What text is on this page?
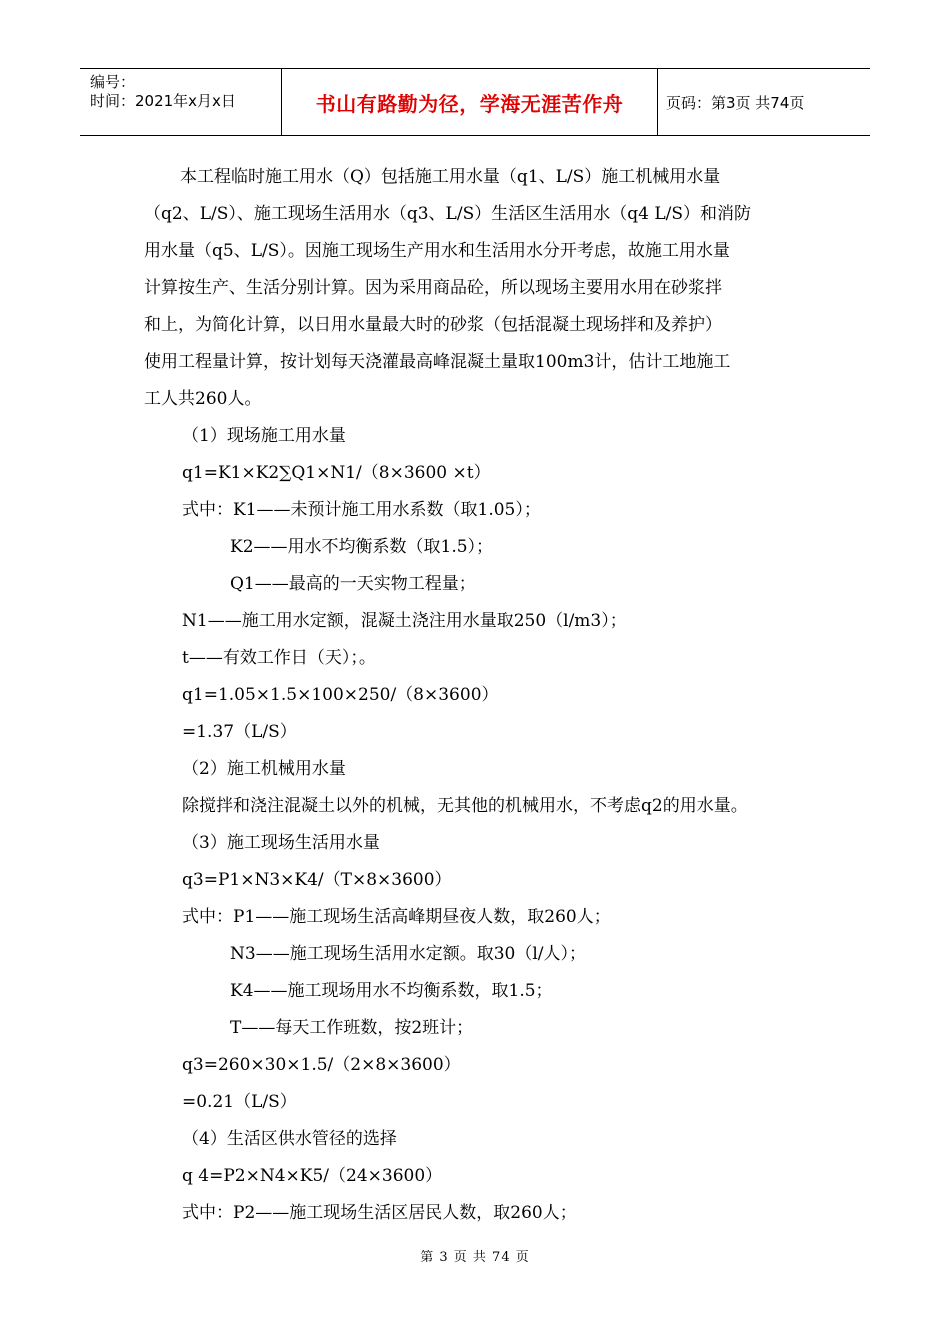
编号：
时间：2021年x月x日	书山有路勤为径，学海无涯苦作舟	页码：第3页 共74页
本工程临时施工用水（Q）包括施工用水量（q1、L/S）施工机械用水量
（q2、L/S）、施工现场生活用水（q3、L/S）生活区生活用水（q4 L/S）和消防
用水量（q5、L/S）。因施工现场生产用水和生活用水分开考虑，故施工用水量
计算按生产、生活分别计算。因为采用商品砼，所以现场主要用水用在砂浆拌
和上，为简化计算，以日用水量最大时的砂浆（包括混凝土现场拌和及养护）
使用工程量计算，按计划每天浇灌最高峰混凝土量取100m3计，估计工地施工
工人共260人。
（1）现场施工用水量
q1=K1×K2∑Q1×N1/（8×3600 ×t）
式中：K1——未预计施工用水系数（取1.05）；
K2——用水不均衡系数（取1.5）；
Q1——最高的一天实物工程量；
N1——施工用水定额，混凝土浇注用水量取250（l/m3）；
t——有效工作日（天）；。
q1=1.05×1.5×100×250/（8×3600）
=1.37（L/S）
（2）施工机械用水量
除搅拌和浇注混凝土以外的机械，无其他的机械用水，不考虑q2的用水量。
（3）施工现场生活用水量
q3=P1×N3×K4/（T×8×3600）
式中：P1——施工现场生活高峰期昼夜人数，取260人；
N3——施工现场生活用水定额。取30（l/人）；
K4——施工现场用水不均衡系数，取1.5；
T——每天工作班数，按2班计；
q3=260×30×1.5/（2×8×3600）
=0.21（L/S）
（4）生活区供水管径的选择
q 4=P2×N4×K5/（24×3600）
式中：P2——施工现场生活区居民人数，取260人；
第 3 页 共 74 页
